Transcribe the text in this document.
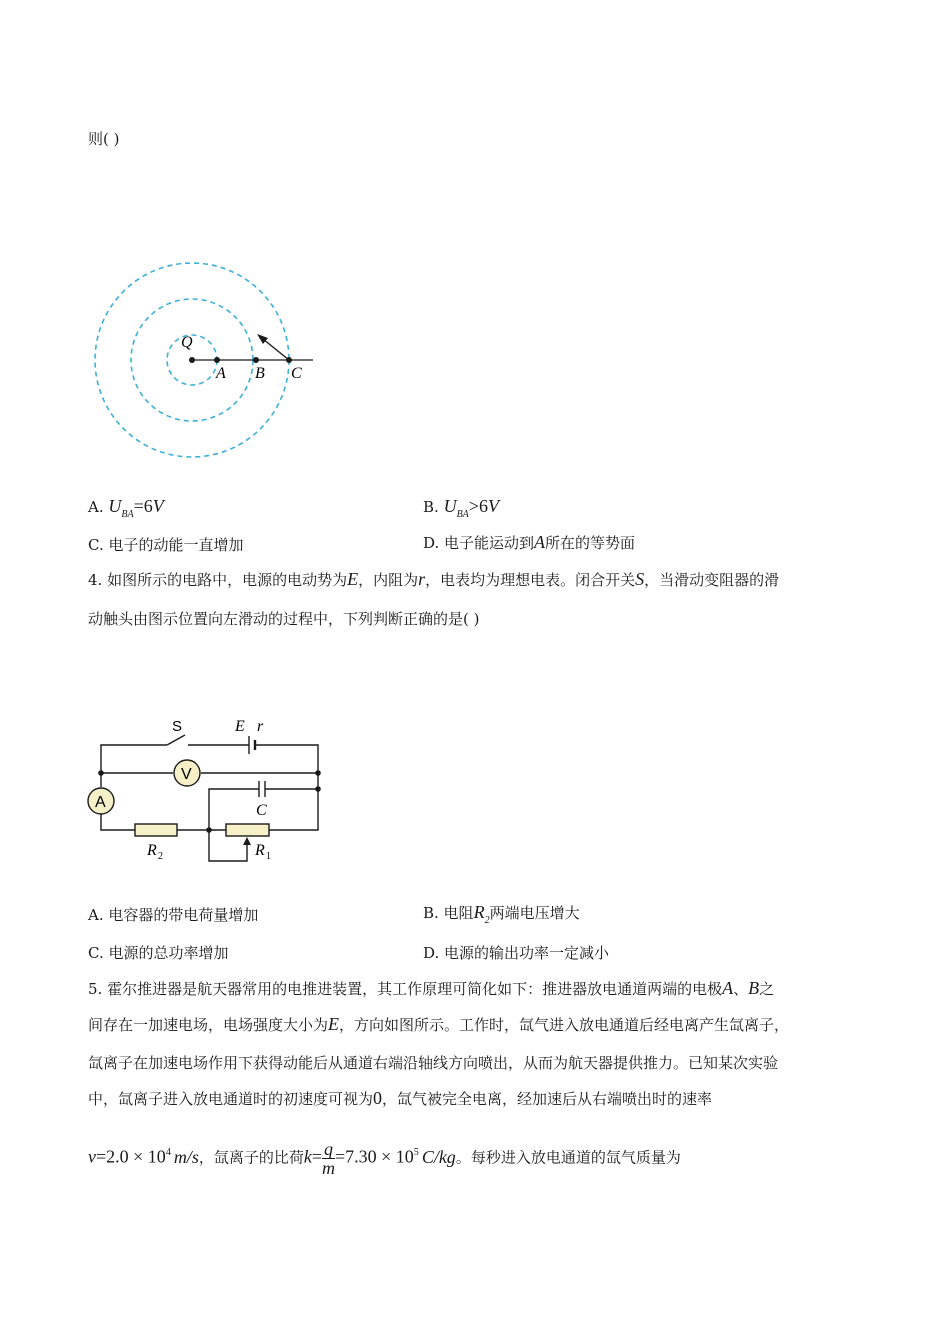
则( )
Q
A B C
A. $U_{BA}=6V$	B. $U_{BA}>6V$
C. 电子的动能一直增加	D. 电子能运动到A所在的等势面
4. 如图所示的电路中，电源的电动势为E，内阻为r，电表均为理想电表。闭合开关S，当滑动变阻器的滑
动触头由图示位置向左滑动的过程中，下列判断正确的是( )
V
A
S	E r
C
R 2	R 1
A. 电容器的带电荷量增加	B. 电阻$R_2$两端电压增大
C. 电源的总功率增加	D. 电源的输出功率一定减小
5. 霍尔推进器是航天器常用的电推进装置，其工作原理可简化如下：推进器放电通道两端的电极A、B之
间存在一加速电场，电场强度大小为E，方向如图所示。工作时，氙气进入放电通道后经电离产生氙离子，
氙离子在加速电场作用下获得动能后从通道右端沿轴线方向喷出，从而为航天器提供推力。已知某次实验
中，氙离子进入放电通道时的初速度可视为0，氙气被完全电离，经加速后从右端喷出时的速率
$v=2.0 \times 10^4$ m/s，氙离子的比荷$k= \frac{q}{m} =7.30 \times 10^5$ C/kg。每秒进入放电通道的氙气质量为
